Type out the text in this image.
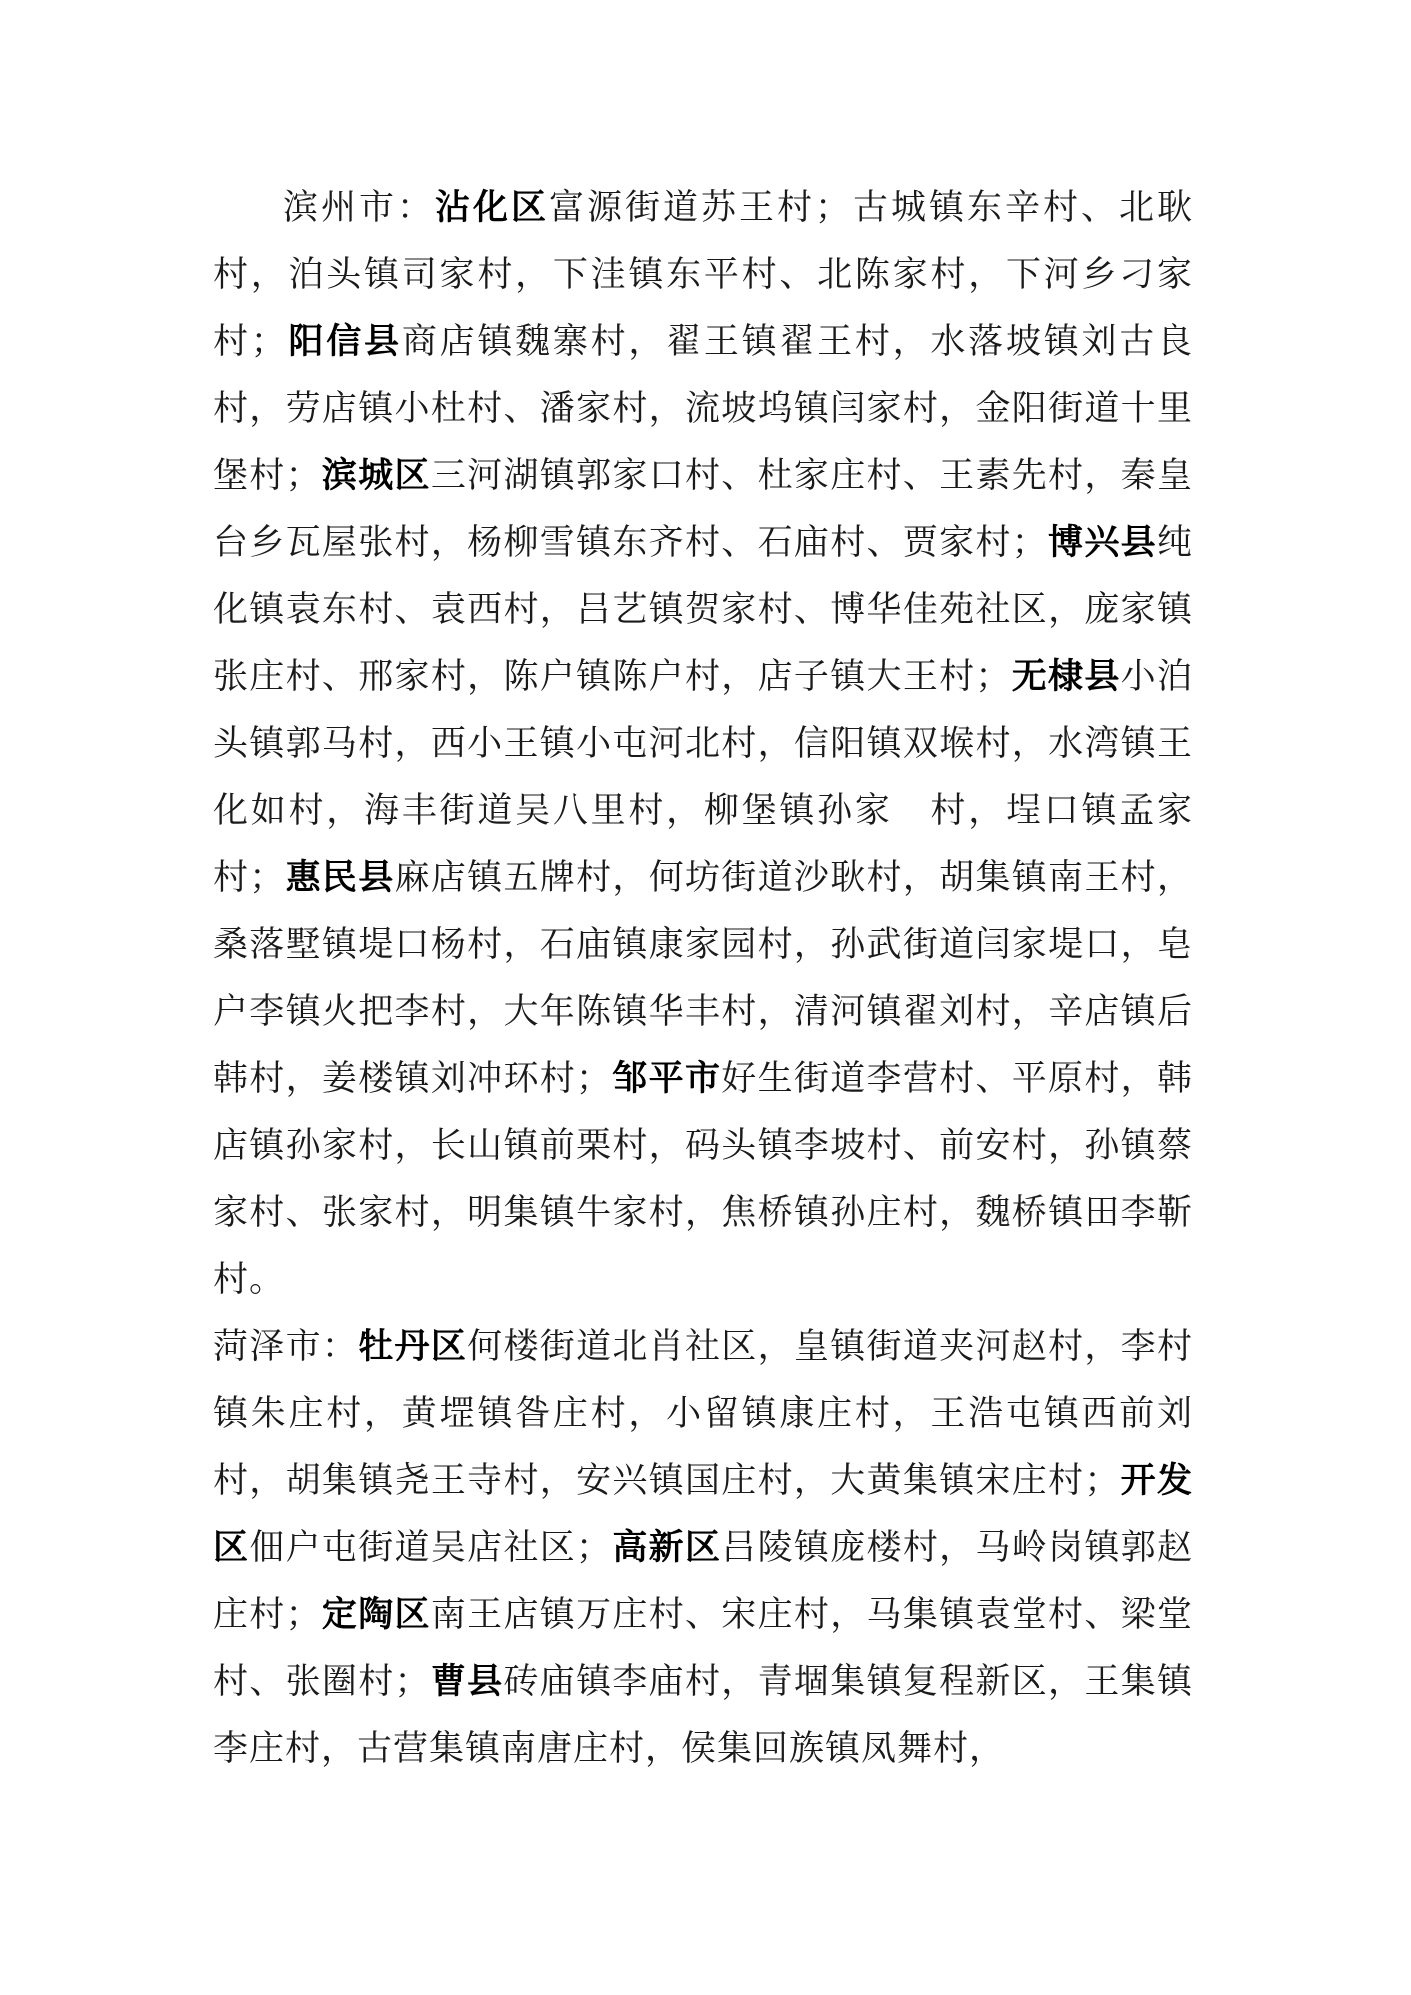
滨州市：沾化区富源街道苏王村；古城镇东辛村、北耿村，泊头镇司家村，下洼镇东平村、北陈家村，下河乡刁家村；阳信县商店镇魏寨村，翟王镇翟王村，水落坡镇刘古良村，劳店镇小杜村、潘家村，流坡坞镇闫家村，金阳街道十里堡村；滨城区三河湖镇郭家口村、杜家庄村、王素先村，秦皇台乡瓦屋张村，杨柳雪镇东齐村、石庙村、贾家村；博兴县纯化镇袁东村、袁西村，吕艺镇贺家村、博华佳苑社区，庞家镇张庄村、邢家村，陈户镇陈户村，店子镇大王村；无棣县小泊头镇郭马村，西小王镇小屯河北村，信阳镇双堠村，水湾镇王化如村，海丰街道吴八里村，柳堡镇孙家　村，埕口镇孟家村；惠民县麻店镇五牌村，何坊街道沙耿村，胡集镇南王村，桑落墅镇堤口杨村，石庙镇康家园村，孙武街道闫家堤口，皂户李镇火把李村，大年陈镇华丰村，清河镇翟刘村，辛店镇后韩村，姜楼镇刘冲环村；邹平市好生街道李营村、平原村，韩店镇孙家村，长山镇前栗村，码头镇李坡村、前安村，孙镇蔡家村、张家村，明集镇牛家村，焦桥镇孙庄村，魏桥镇田李靳村。

菏泽市：牡丹区何楼街道北肖社区，皇镇街道夹河赵村，李村镇朱庄村，黄堽镇昝庄村，小留镇康庄村，王浩屯镇西前刘村，胡集镇尧王寺村，安兴镇国庄村，大黄集镇宋庄村；开发区佃户屯街道吴店社区；高新区吕陵镇庞楼村，马岭岗镇郭赵庄村；定陶区南王店镇万庄村、宋庄村，马集镇袁堂村、梁堂村、张圈村；曹县砖庙镇李庙村，青堌集镇复程新区，王集镇李庄村，古营集镇南唐庄村，侯集回族镇凤舞村，
